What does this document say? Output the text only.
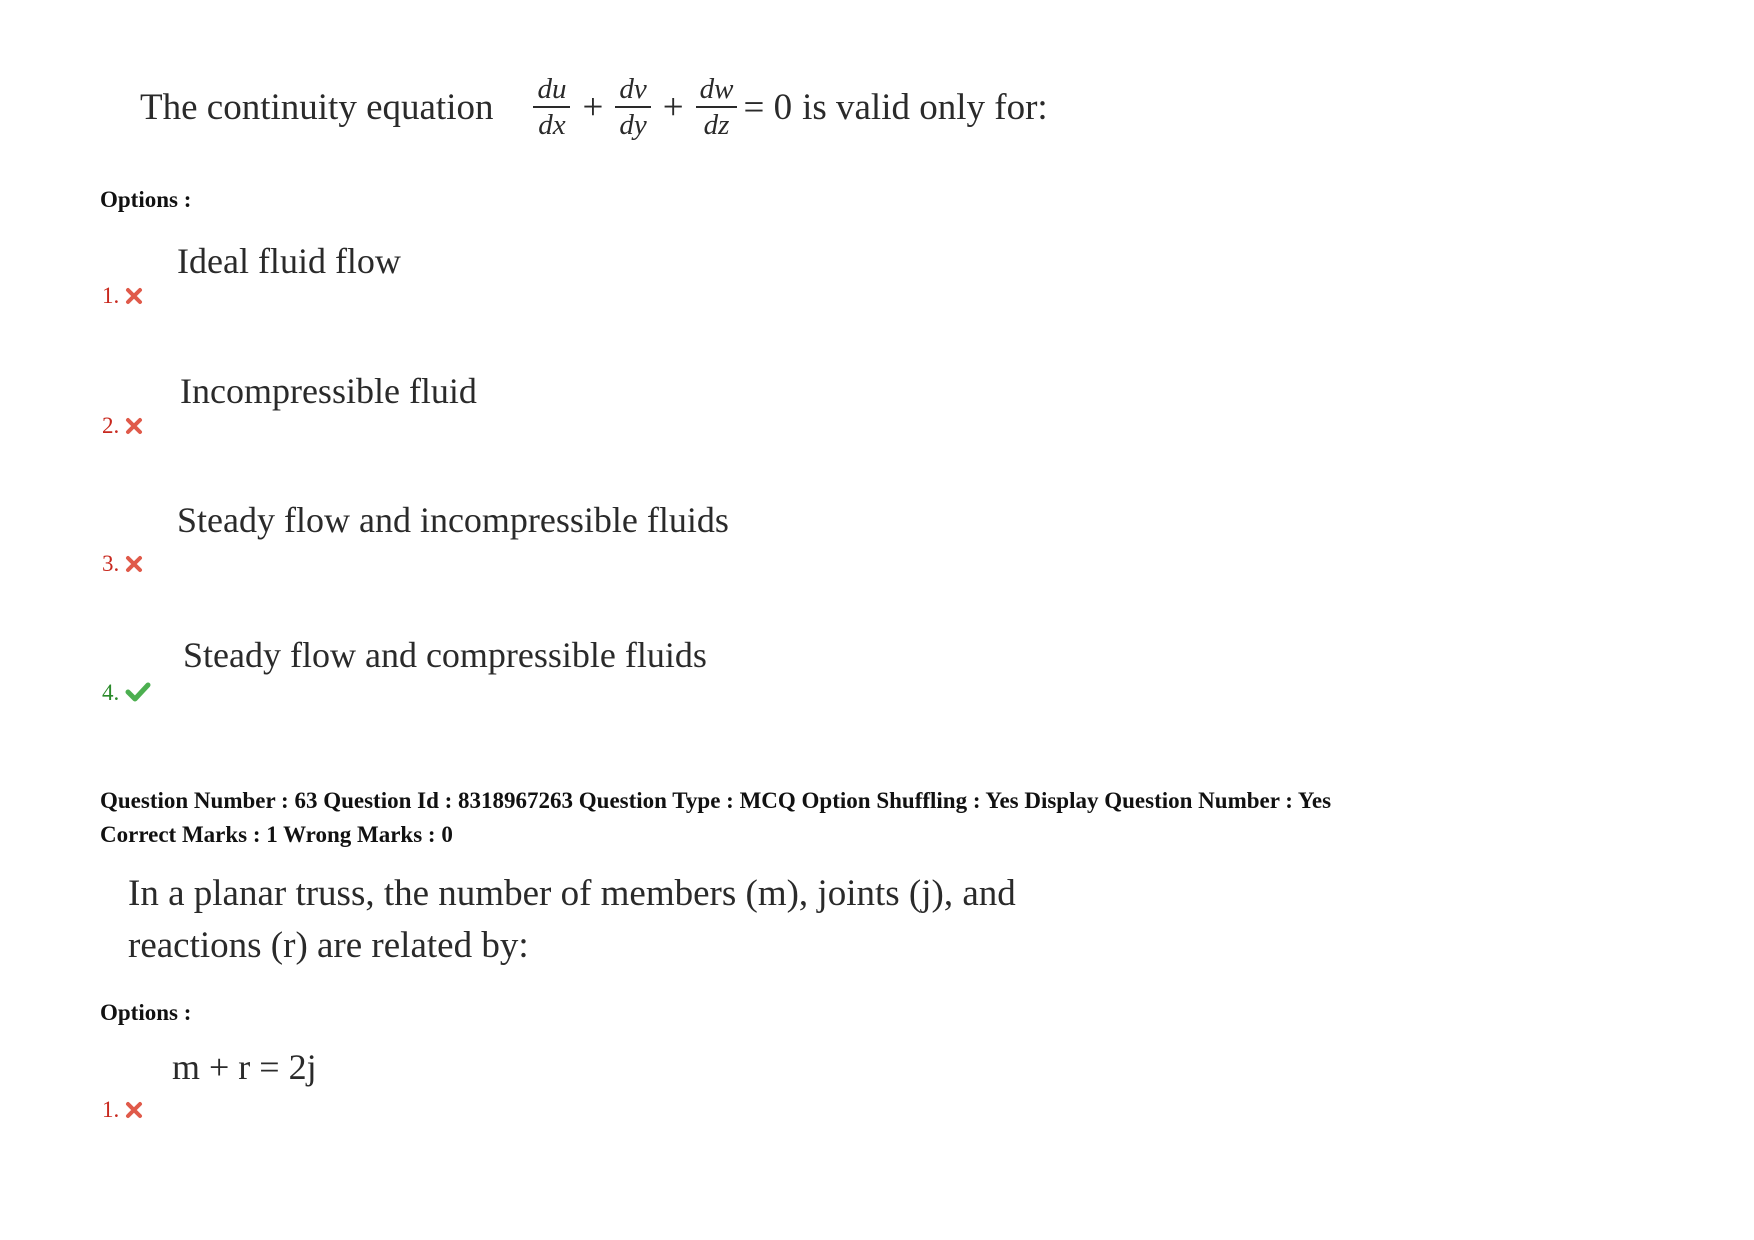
The continuity equation $\frac{du}{dx} + \frac{dv}{dy} + \frac{dw}{dz} = 0$ is valid only for:
Options :
Ideal fluid flow
1.
Incompressible fluid
2.
Steady flow and incompressible fluids
3.
Steady flow and compressible fluids
4.
Question Number : 63 Question Id : 8318967263 Question Type : MCQ Option Shuffling : Yes Display Question Number : Yes
Correct Marks : 1 Wrong Marks : 0
In a planar truss, the number of members (m), joints (j), and
reactions (r) are related by:
Options :
m + r = 2j
1.
